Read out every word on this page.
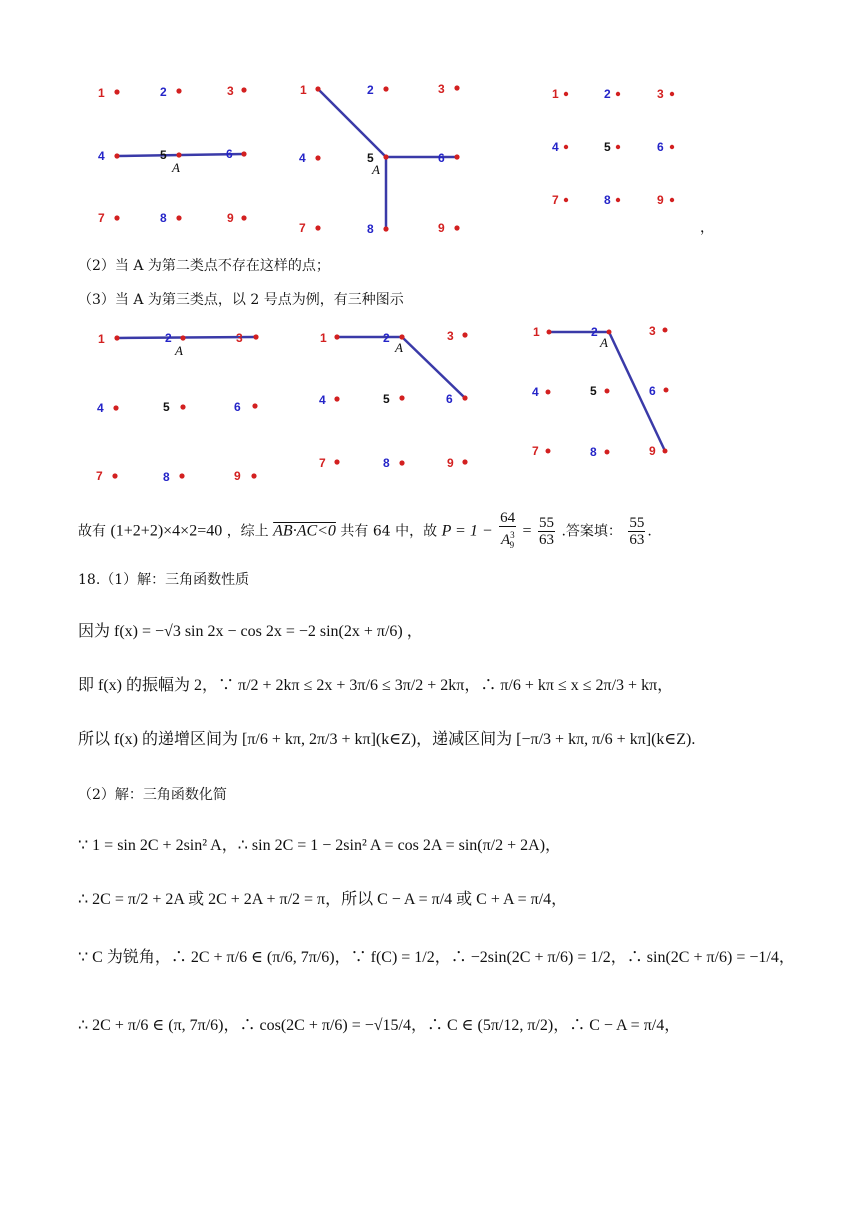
1	2	3
4	5	6
7	8	9
A
1	2	3
4	5	6
7	8	9
A
1	2	3
4	5	6
7	8	9
，
1	2	3
4	5	6
7	8	9
A
1	2	3
4	5	6
7	8	9
A
1	2	3
4	5	6
7	8	9
A
（2）当 A 为第二类点不存在这样的点；
（3）当 A 为第三类点，以 2 号点为例，有三种图示
故有 (1+2+2)×4×2=40 ，综上 AB·AC<0 共有 64 中，故 $P = 1 - \frac{64}{A^3_9} = \frac{55}{63}$ .答案填： $\frac{55}{63}$ .
18.（1）解：三角函数性质
因为 f(x) = −√3 sin 2x − cos 2x = −2 sin(2x + π/6) ，
即 f(x) 的振幅为 2，∵ π/2 + 2kπ ≤ 2x + 3π/6 ≤ 3π/2 + 2kπ，∴ π/6 + kπ ≤ x ≤ 2π/3 + kπ，
所以 f(x) 的递增区间为 [π/6 + kπ, 2π/3 + kπ](k∈Z)，递减区间为 [−π/3 + kπ, π/6 + kπ](k∈Z).
（2）解：三角函数化简
∵ 1 = sin 2C + 2sin² A，∴ sin 2C = 1 − 2sin² A = cos 2A = sin(π/2 + 2A)，
∴ 2C = π/2 + 2A 或 2C + 2A + π/2 = π，所以 C − A = π/4 或 C + A = π/4，
∵ C 为锐角，∴ 2C + π/6 ∈ (π/6, 7π/6)，∵ f(C) = 1/2，∴ −2sin(2C + π/6) = 1/2，∴ sin(2C + π/6) = −1/4，
∴ 2C + π/6 ∈ (π, 7π/6)，∴ cos(2C + π/6) = −√15/4，∴ C ∈ (5π/12, π/2)，∴ C − A = π/4，
